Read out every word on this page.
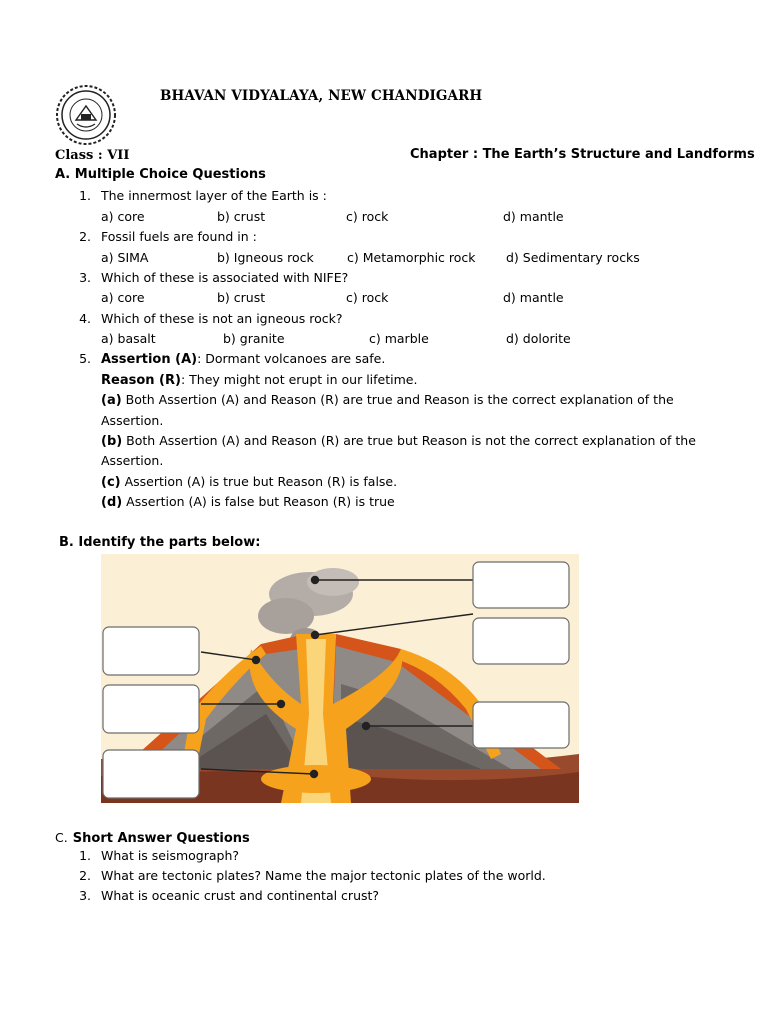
BHAVAN VIDYALAYA, NEW CHANDIGARH
Class : VII	Chapter : The Earth’s Structure and Landforms
A. Multiple Choice Questions
1. The innermost layer of the Earth is :
a) core	b) crust	c) rock	d) mantle
2. Fossil fuels are found in :
a) SIMA	b) Igneous rock	c) Metamorphic rock d) Sedimentary rocks
3. Which of these is associated with NIFE?
a) core	b) crust	c) rock	d) mantle
4. Which of these is not an igneous rock?
a) basalt	b) granite	c) marble	d) dolorite
5. Assertion (A): Dormant volcanoes are safe.
Reason (R): They might not erupt in our lifetime.
(a) Both Assertion (A) and Reason (R) are true and Reason is the correct explanation of the
Assertion.
(b) Both Assertion (A) and Reason (R) are true but Reason is not the correct explanation of the
Assertion.
(c) Assertion (A) is true but Reason (R) is false.
(d) Assertion (A) is false but Reason (R) is true
B. Identify the parts below:
C. Short Answer Questions
1. What is seismograph?
2. What are tectonic plates? Name the major tectonic plates of the world.
3. What is oceanic crust and continental crust?
